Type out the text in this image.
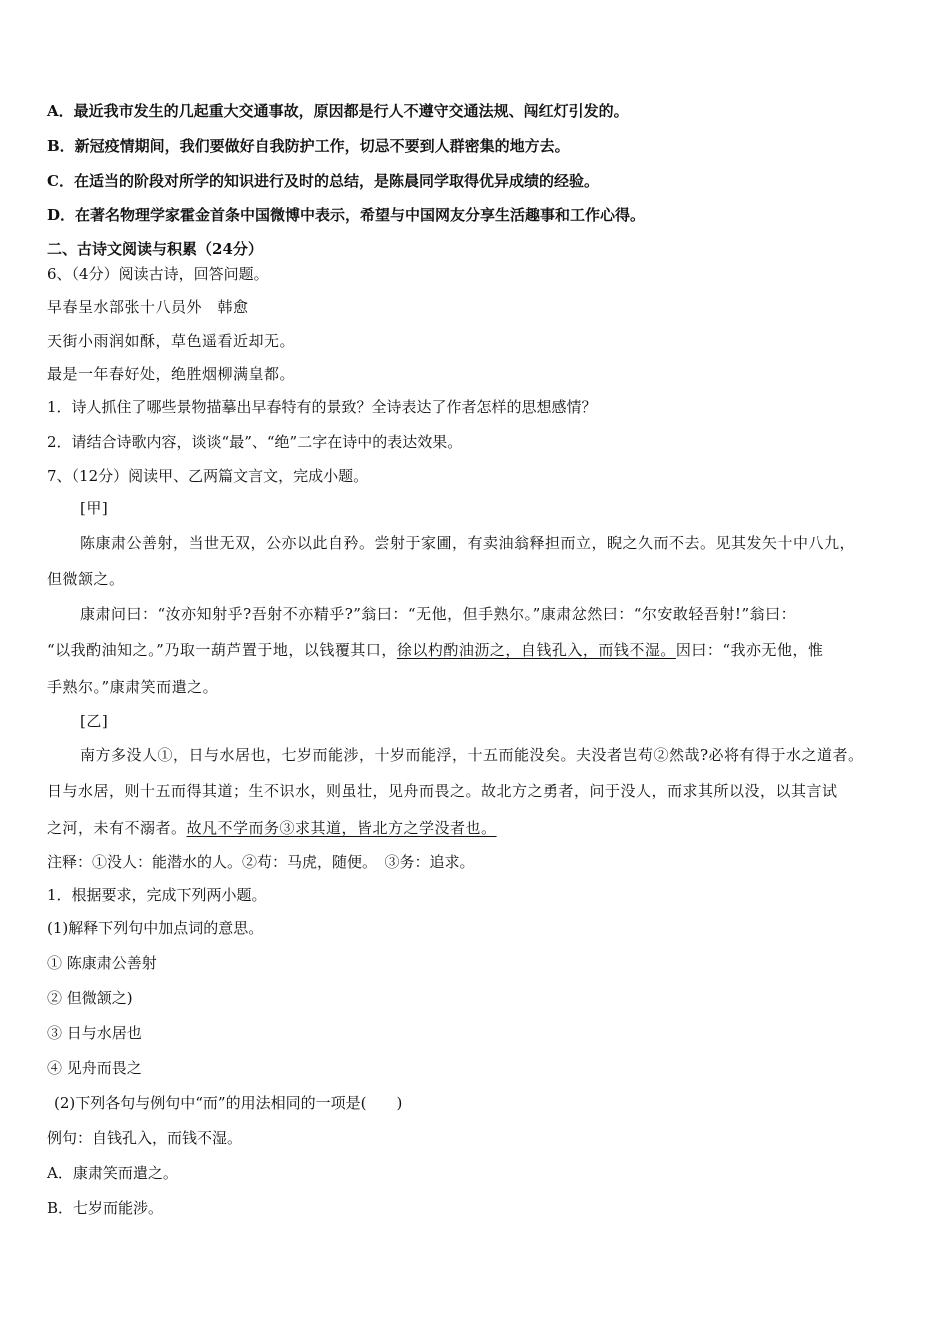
A．最近我市发生的几起重大交通事故，原因都是行人不遵守交通法规、闯红灯引发的。
B．新冠疫情期间，我们要做好自我防护工作，切忌不要到人群密集的地方去。
C．在适当的阶段对所学的知识进行及时的总结，是陈晨同学取得优异成绩的经验。
D．在著名物理学家霍金首条中国微博中表示，希望与中国网友分享生活趣事和工作心得。
二、古诗文阅读与积累（24分）
6、（4分）阅读古诗，回答问题。
早春呈水部张十八员外　韩愈
天街小雨润如酥，草色遥看近却无。
最是一年春好处，绝胜烟柳满皇都。
1．诗人抓住了哪些景物描摹出早春特有的景致？全诗表达了作者怎样的思想感情？
2．请结合诗歌内容，谈谈“最”、“绝”二字在诗中的表达效果。
7、（12分）阅读甲、乙两篇文言文，完成小题。
[甲]
陈康肃公善射，当世无双，公亦以此自矜。尝射于家圃，有卖油翁释担而立，睨之久而不去。见其发矢十中八九，
但微颔之。
康肃问曰：“汝亦知射乎?吾射不亦精乎?”翁曰：“无他，但手熟尔。”康肃忿然曰：“尔安敢轻吾射!”翁曰：
“以我酌油知之。”乃取一葫芦置于地，以钱覆其口，徐以杓酌油沥之，自钱孔入，而钱不湿。因曰：“我亦无他，惟
手熟尔。”康肃笑而遣之。
[乙]
南方多没人①，日与水居也，七岁而能涉，十岁而能浮，十五而能没矣。夫没者岂苟②然哉?必将有得于水之道者。
日与水居，则十五而得其道；生不识水，则虽壮，见舟而畏之。故北方之勇者，问于没人，而求其所以没，以其言试
之河，未有不溺者。故凡不学而务③求其道，皆北方之学没者也。
注释：①没人：能潜水的人。②苟：马虎，随便。　③务：追求。
1．根据要求，完成下列两小题。
(1)解释下列句中加点词的意思。
① 陈康肃公善射
② 但微颔之)
③ 日与水居也
④ 见舟而畏之
(2)下列各句与例句中“而”的用法相同的一项是(　　)
例句：自钱孔入，而钱不湿。
A．康肃笑而遣之。
B．七岁而能涉。
